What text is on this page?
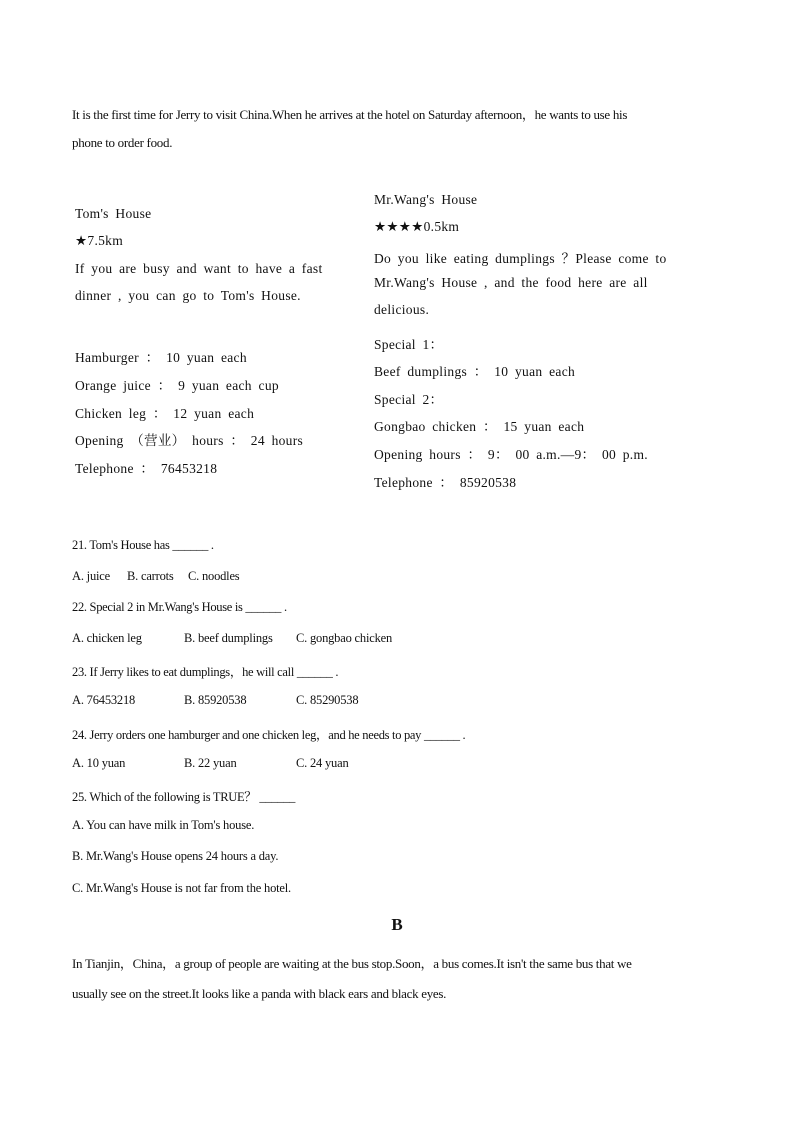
It is the first time for Jerry to visit China.When he arrives at the hotel on Saturday afternoon，he wants to use his
phone to order food.
Tom's House
★7.5km
If you are busy and want to have a fast
dinner , you can go to Tom's House.
Hamburger ： 10 yuan each
Orange juice ： 9 yuan each cup
Chicken leg ： 12 yuan each
Opening （营业） hours ： 24 hours
Telephone ： 76453218
Mr.Wang's House
★★★★0.5km
Do you like eating dumplings ？Please come to
Mr.Wang's House , and the food here are all
delicious.
Special 1：
Beef dumplings ： 10 yuan each
Special 2：
Gongbao chicken ： 15 yuan each
Opening hours ： 9： 00 a.m.—9： 00 p.m.
Telephone ： 85920538
21. Tom's House has ______ .
A. juice B. carrots C. noodles
22. Special 2 in Mr.Wang's House is ______ .
A. chicken leg	B. beef dumplings C. gongbao chicken
23. If Jerry likes to eat dumplings，he will call ______ .
A. 76453218	B. 85920538	C. 85290538
24. Jerry orders one hamburger and one chicken leg，and he needs to pay ______ .
A. 10 yuan	B. 22 yuan	C. 24 yuan
25. Which of the following is TRUE？ ______
A. You can have milk in Tom's house.
B. Mr.Wang's House opens 24 hours a day.
C. Mr.Wang's House is not far from the hotel.
B
In Tianjin，China，a group of people are waiting at the bus stop.Soon，a bus comes.It isn't the same bus that we
usually see on the street.It looks like a panda with black ears and black eyes.
